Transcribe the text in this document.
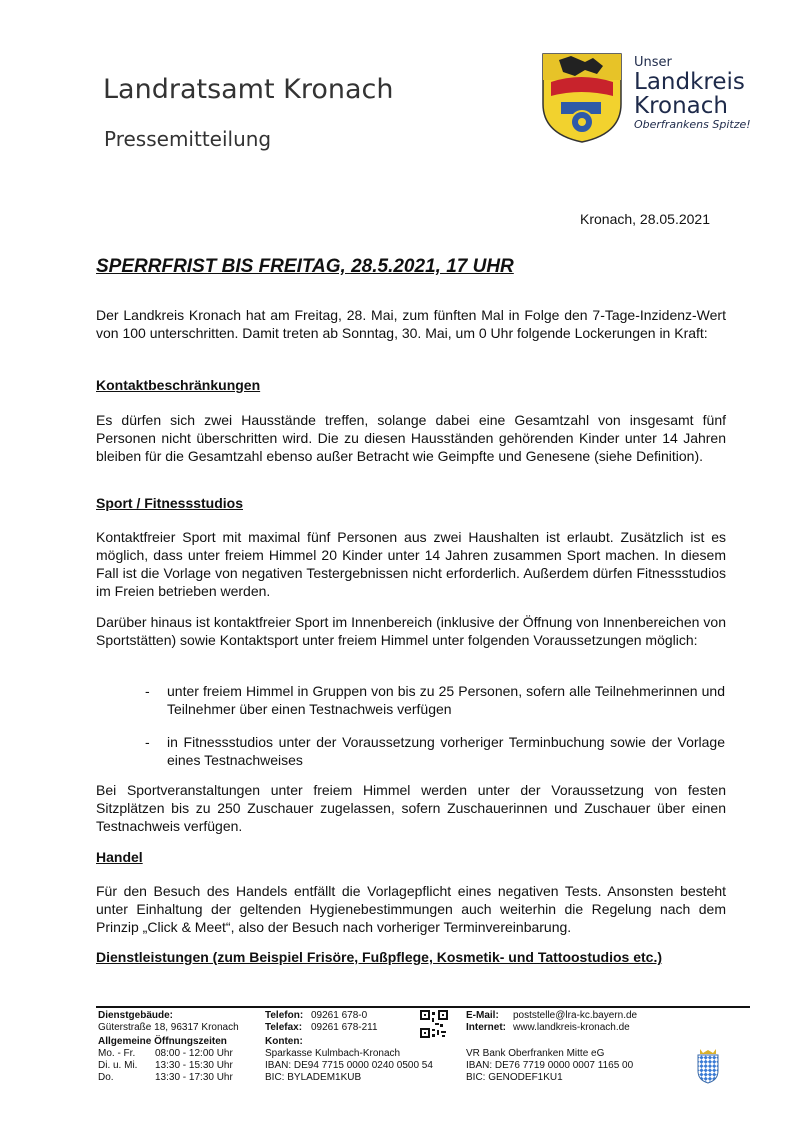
Landratsamt Kronach
Pressemitteilung
Unser
Landkreis
Kronach
Oberfrankens Spitze!
Kronach, 28.05.2021
SPERRFRIST BIS FREITAG, 28.5.2021, 17 UHR
Der Landkreis Kronach hat am Freitag, 28. Mai, zum fünften Mal in Folge den 7-Tage-Inzidenz-Wert von 100 unterschritten. Damit treten ab Sonntag, 30. Mai, um 0 Uhr folgende Lockerungen in Kraft:
Kontaktbeschränkungen
Es dürfen sich zwei Hausstände treffen, solange dabei eine Gesamtzahl von insgesamt fünf Personen nicht überschritten wird. Die zu diesen Hausständen gehörenden Kinder unter 14 Jahren bleiben für die Gesamtzahl ebenso außer Betracht wie Geimpfte und Genesene (siehe Definition).
Sport / Fitnessstudios
Kontaktfreier Sport mit maximal fünf Personen aus zwei Haushalten ist erlaubt. Zusätzlich ist es möglich, dass unter freiem Himmel 20 Kinder unter 14 Jahren zusammen Sport machen. In diesem Fall ist die Vorlage von negativen Testergebnissen nicht erforderlich. Außerdem dürfen Fitnessstudios im Freien betrieben werden.
Darüber hinaus ist kontaktfreier Sport im Innenbereich (inklusive der Öffnung von Innenbereichen von Sportstätten) sowie Kontaktsport unter freiem Himmel unter folgenden Voraussetzungen möglich:
- unter freiem Himmel in Gruppen von bis zu 25 Personen, sofern alle Teilnehmerinnen und Teilnehmer über einen Testnachweis verfügen
- in Fitnessstudios unter der Voraussetzung vorheriger Terminbuchung sowie der Vorlage eines Testnachweises
Bei Sportveranstaltungen unter freiem Himmel werden unter der Voraussetzung von festen Sitzplätzen bis zu 250 Zuschauer zugelassen, sofern Zuschauerinnen und Zuschauer über einen Testnachweis verfügen.
Handel
Für den Besuch des Handels entfällt die Vorlagepflicht eines negativen Tests. Ansonsten besteht unter Einhaltung der geltenden Hygienebestimmungen auch weiterhin die Regelung nach dem Prinzip „Click & Meet“, also der Besuch nach vorheriger Terminvereinbarung.
Dienstleistungen (zum Beispiel Frisöre, Fußpflege, Kosmetik- und Tattoostudios etc.)
Dienstgebäude:
Güterstraße 18, 96317 Kronach
Allgemeine Öffnungszeiten
Mo. - Fr. 08:00 - 12:00 Uhr
Di. u. Mi. 13:30 - 15:30 Uhr
Do.	13:30 - 17:30 Uhr
Telefon: 09261 678-0
Telefax: 09261 678-211
Konten:
Sparkasse Kulmbach-Kronach
IBAN: DE94 7715 0000 0240 0500 54
BIC: BYLADEM1KUB
E-Mail: poststelle@lra-kc.bayern.de
Internet: www.landkreis-kronach.de
VR Bank Oberfranken Mitte eG
IBAN: DE76 7719 0000 0007 1165 00
BIC: GENODEF1KU1
